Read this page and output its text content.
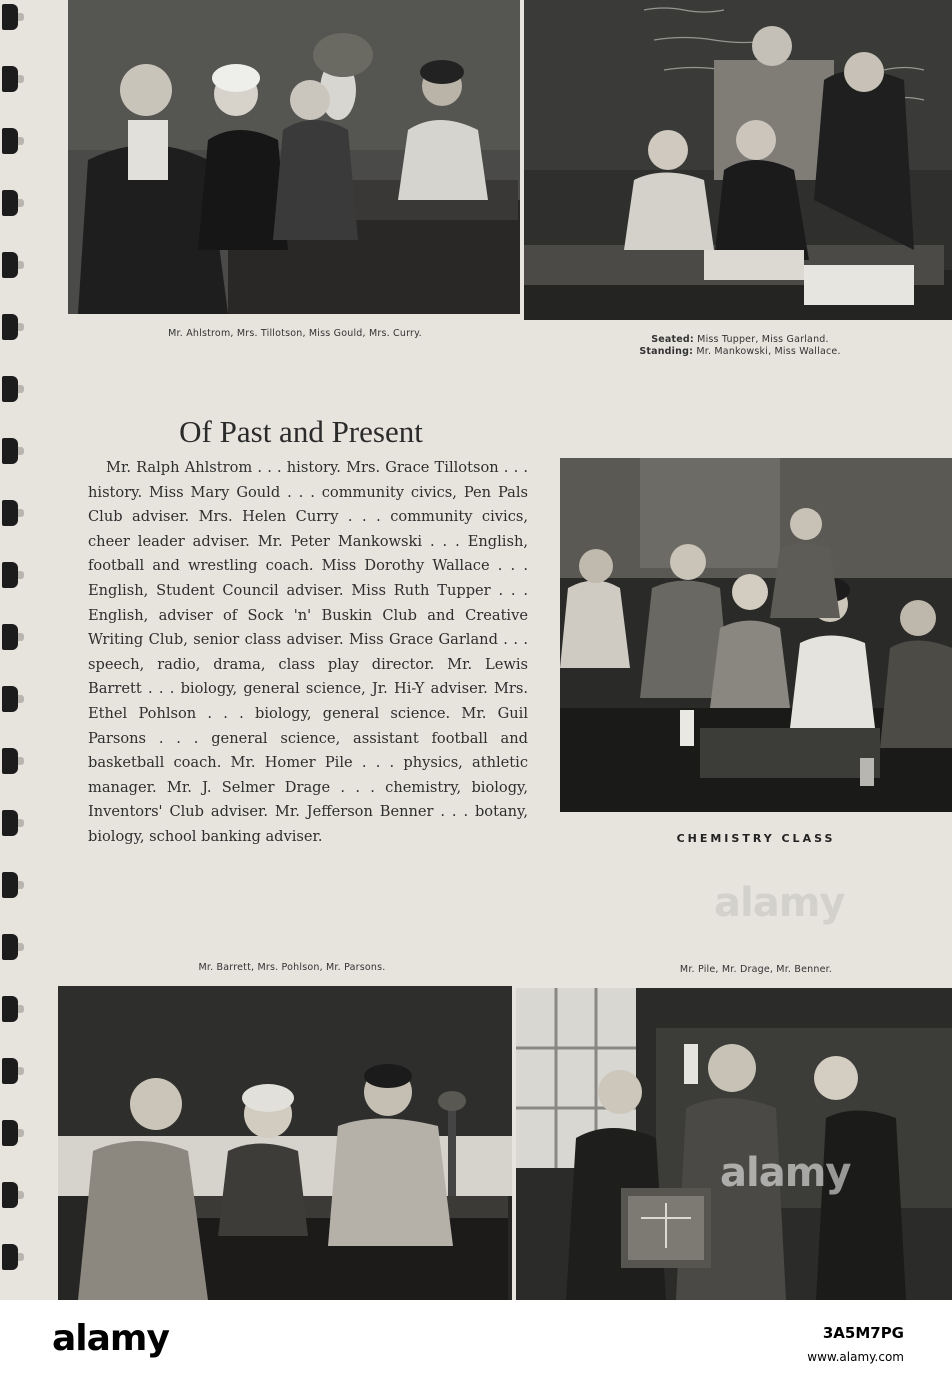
Mr. Ahlstrom, Mrs. Tillotson, Miss Gould, Mrs. Curry.
Seated: Miss Tupper, Miss Garland.
Standing: Mr. Mankowski, Miss Wallace.
Of Past and Present
Mr. Ralph Ahlstrom . . . history. Mrs. Grace Tillotson . . . history. Miss Mary Gould . . . community civics, Pen Pals Club adviser. Mrs. Helen Curry . . . community civics, cheer leader adviser. Mr. Peter Mankowski . . . English, football and wrestling coach. Miss Dorothy Wallace . . . English, Student Council adviser. Miss Ruth Tupper . . . English, adviser of Sock 'n' Buskin Club and Creative Writing Club, senior class adviser. Miss Grace Garland . . . speech, radio, drama, class play director. Mr. Lewis Barrett . . . biology, general science, Jr. Hi-Y adviser. Mrs. Ethel Pohlson . . . biology, general science. Mr. Guil Parsons . . . general science, assistant football and basketball coach. Mr. Homer Pile . . . physics, athletic manager. Mr. J. Selmer Drage . . . chemistry, biology, Inventors' Club adviser. Mr. Jefferson Benner . . . botany, biology, school banking adviser.	CHEMISTRY CLASS
alamy
Mr. Barrett, Mrs. Pohlson, Mr. Parsons.	Mr. Pile, Mr. Drage, Mr. Benner.
alamy
alamy	3A5M7PG
www.alamy.com
